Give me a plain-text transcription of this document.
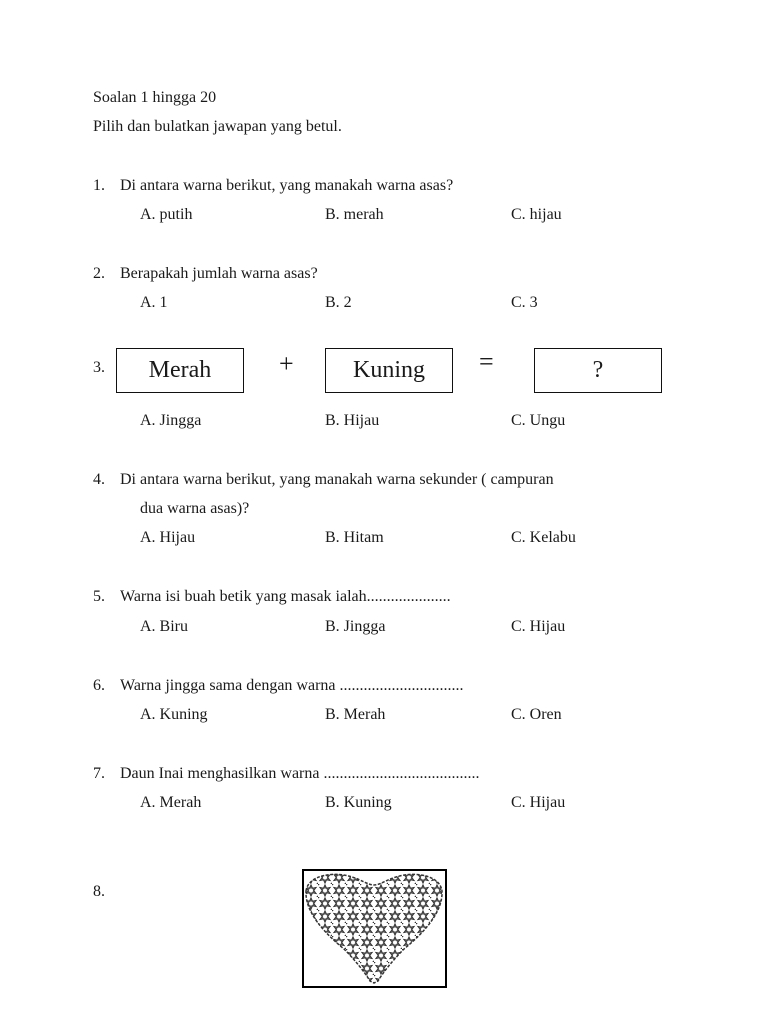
Soalan 1 hingga 20
Pilih dan bulatkan jawapan yang betul.
1. Di antara warna berikut, yang manakah warna asas?
A. putih	B. merah	C. hijau
2. Berapakah jumlah warna asas?
A. 1	B. 2	C. 3
3.	Merah	+	Kuning	=	?
A. Jingga	B. Hijau	C. Ungu
4. Di antara warna berikut, yang manakah warna sekunder ( campuran
dua warna asas)?
A. Hijau	B. Hitam	C. Kelabu
5. Warna isi buah betik yang masak ialah.....................
A. Biru	B. Jingga	C. Hijau
6. Warna jingga sama dengan warna ...............................
A. Kuning	B. Merah	C. Oren
7. Daun Inai menghasilkan warna .......................................
A. Merah	B. Kuning	C. Hijau
8.
